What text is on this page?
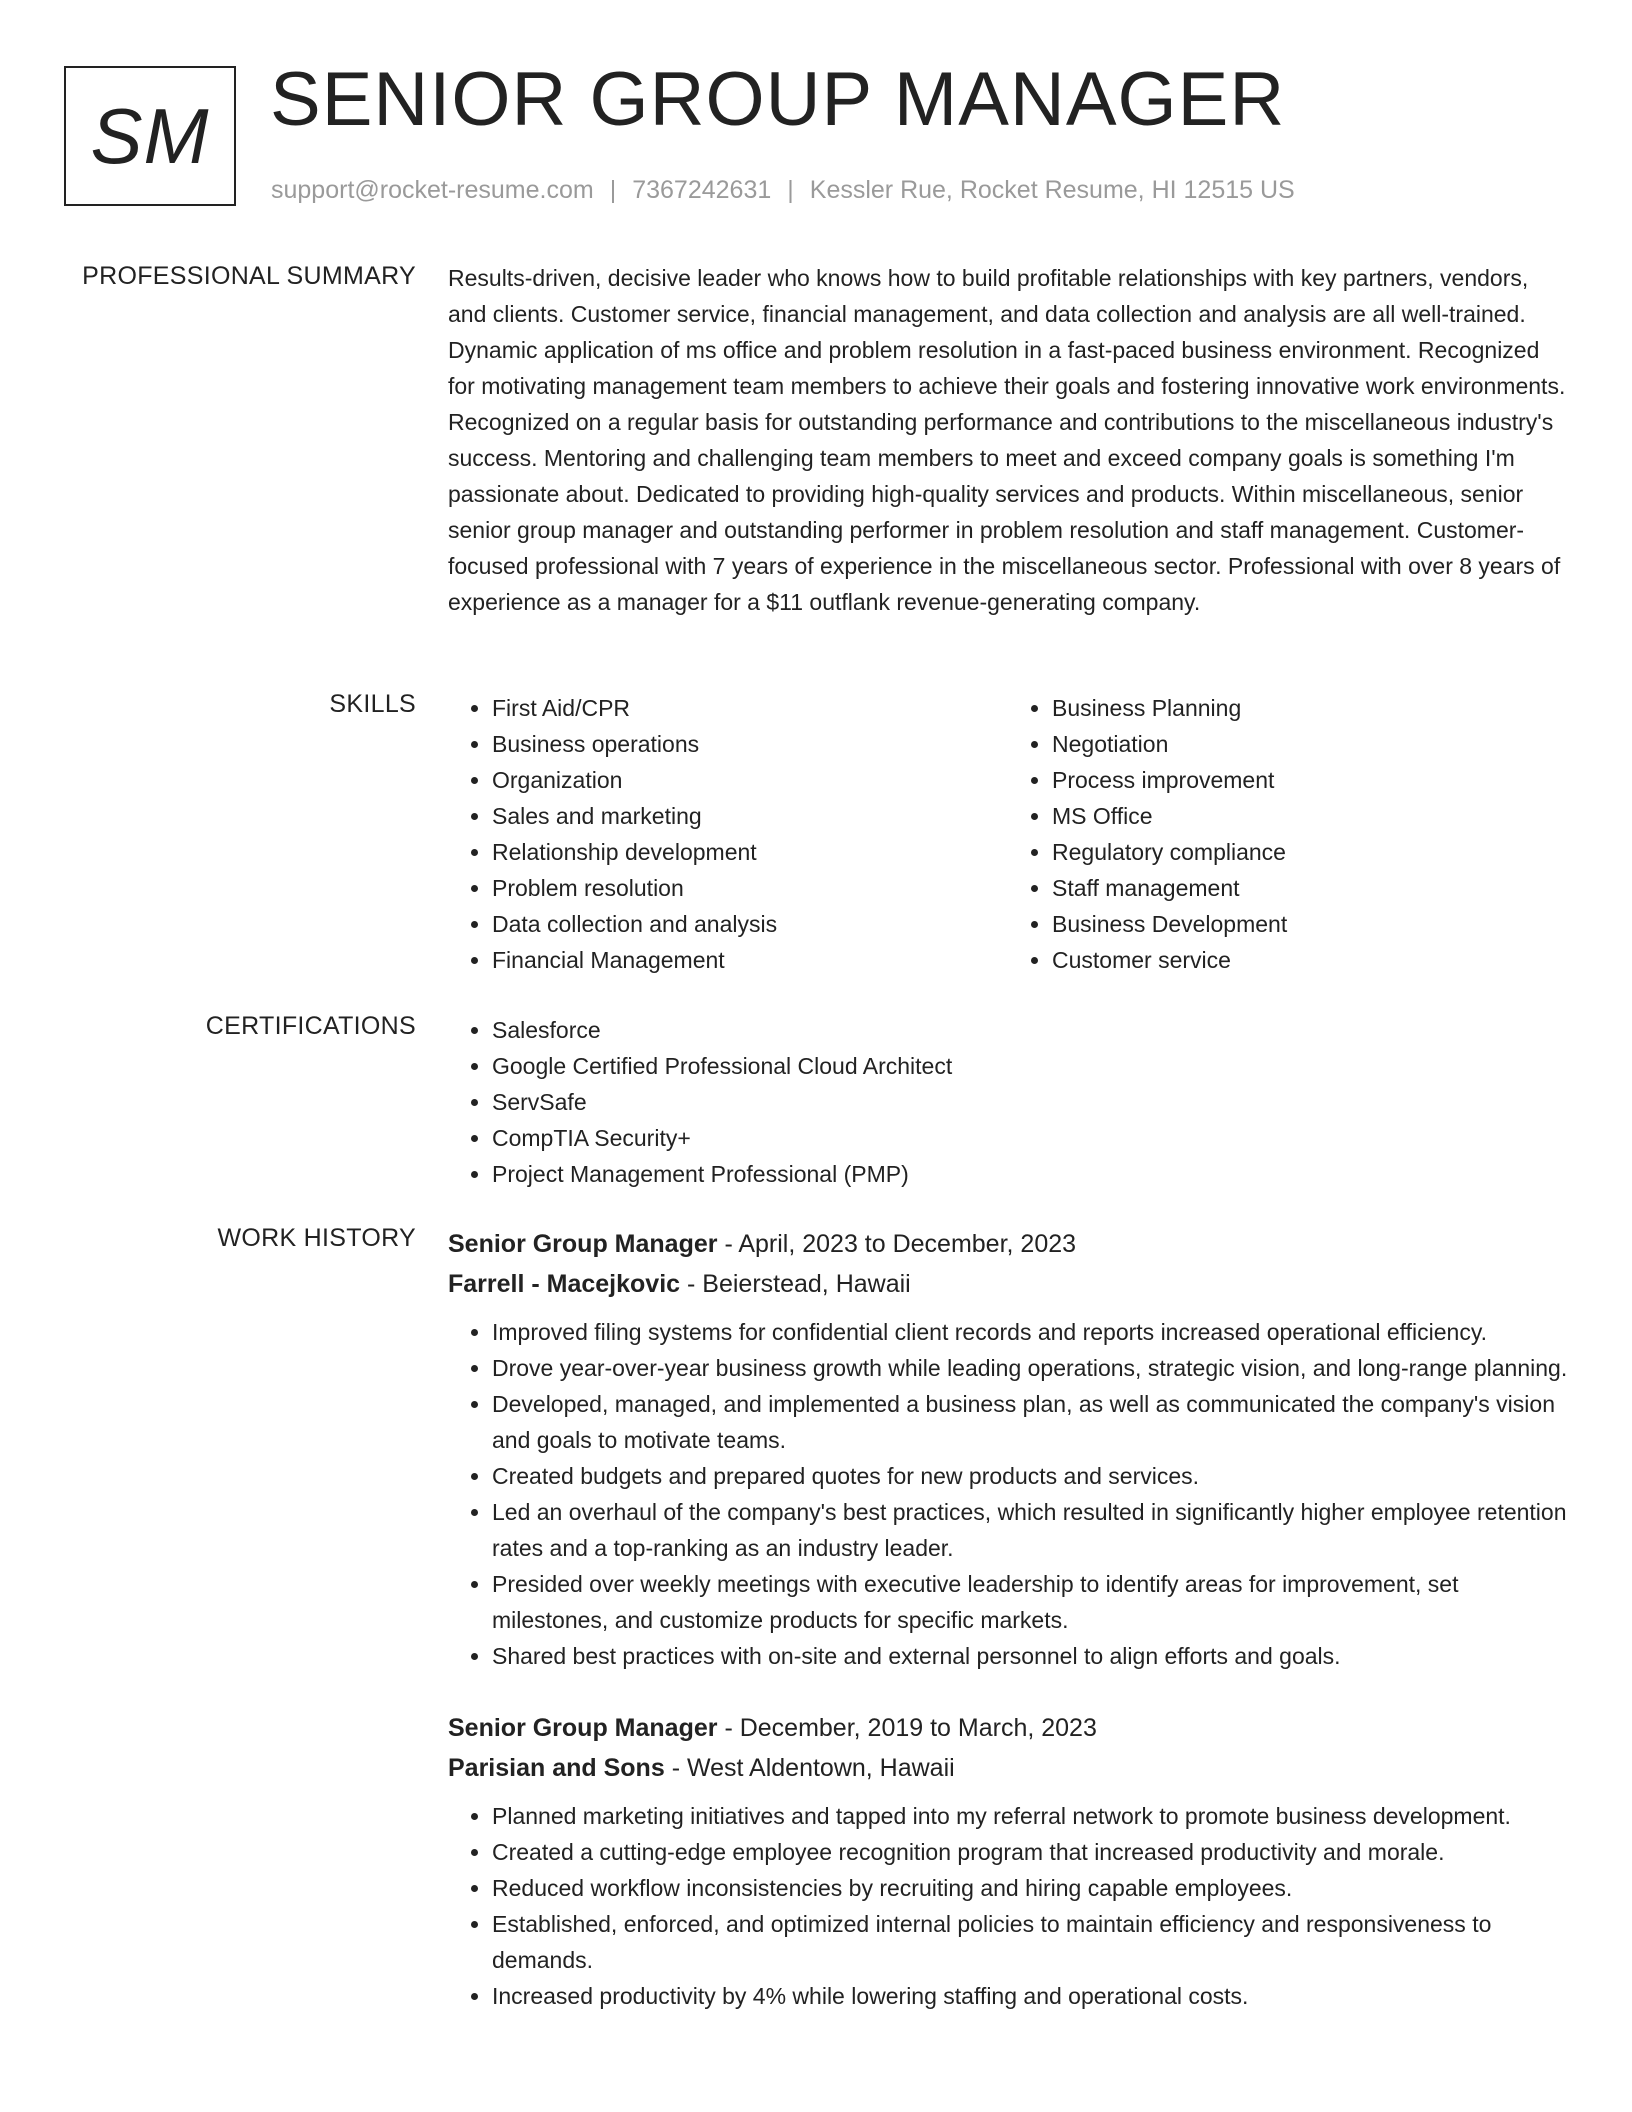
SM SENIOR GROUP MANAGER
support@rocket-resume.com | 7367242631 | Kessler Rue, Rocket Resume, HI 12515 US
PROFESSIONAL SUMMARY Results-driven, decisive leader who knows how to build profitable relationships with key partners, vendors, and clients. Customer service, financial management, and data collection and analysis are all well-trained. Dynamic application of ms office and problem resolution in a fast-paced business environment. Recognized for motivating management team members to achieve their goals and fostering innovative work environments. Recognized on a regular basis for outstanding performance and contributions to the miscellaneous industry's success. Mentoring and challenging team members to meet and exceed company goals is something I'm passionate about. Dedicated to providing high-quality services and products. Within miscellaneous, senior senior group manager and outstanding performer in problem resolution and staff management. Customer-focused professional with 7 years of experience in the miscellaneous sector. Professional with over 8 years of experience as a manager for a $11 outflank revenue-generating company.

SKILLS	• First Aid/CPR
• Business operations
• Organization
• Sales and marketing
• Relationship development
• Problem resolution
• Data collection and analysis
• Financial Management
• Business Planning
• Negotiation
• Process improvement
• MS Office
• Regulatory compliance
• Staff management
• Business Development
• Customer service
CERTIFICATIONS	• Salesforce
• Google Certified Professional Cloud Architect
• ServSafe
• CompTIA Security+
• Project Management Professional (PMP)
WORK HISTORY Senior Group Manager - April, 2023 to December, 2023
Farrell - Macejkovic - Beierstead, Hawaii
• Improved filing systems for confidential client records and reports increased operational efficiency.
• Drove year-over-year business growth while leading operations, strategic vision, and long-range planning.
• Developed, managed, and implemented a business plan, as well as communicated the company's vision and goals to motivate teams.
• Created budgets and prepared quotes for new products and services.
• Led an overhaul of the company's best practices, which resulted in significantly higher employee retention rates and a top-ranking as an industry leader.
• Presided over weekly meetings with executive leadership to identify areas for improvement, set milestones, and customize products for specific markets.
• Shared best practices with on-site and external personnel to align efforts and goals.
Senior Group Manager - December, 2019 to March, 2023
Parisian and Sons - West Aldentown, Hawaii
• Planned marketing initiatives and tapped into my referral network to promote business development.
• Created a cutting-edge employee recognition program that increased productivity and morale.
• Reduced workflow inconsistencies by recruiting and hiring capable employees.
• Established, enforced, and optimized internal policies to maintain efficiency and responsiveness to demands.
• Increased productivity by 4% while lowering staffing and operational costs.
